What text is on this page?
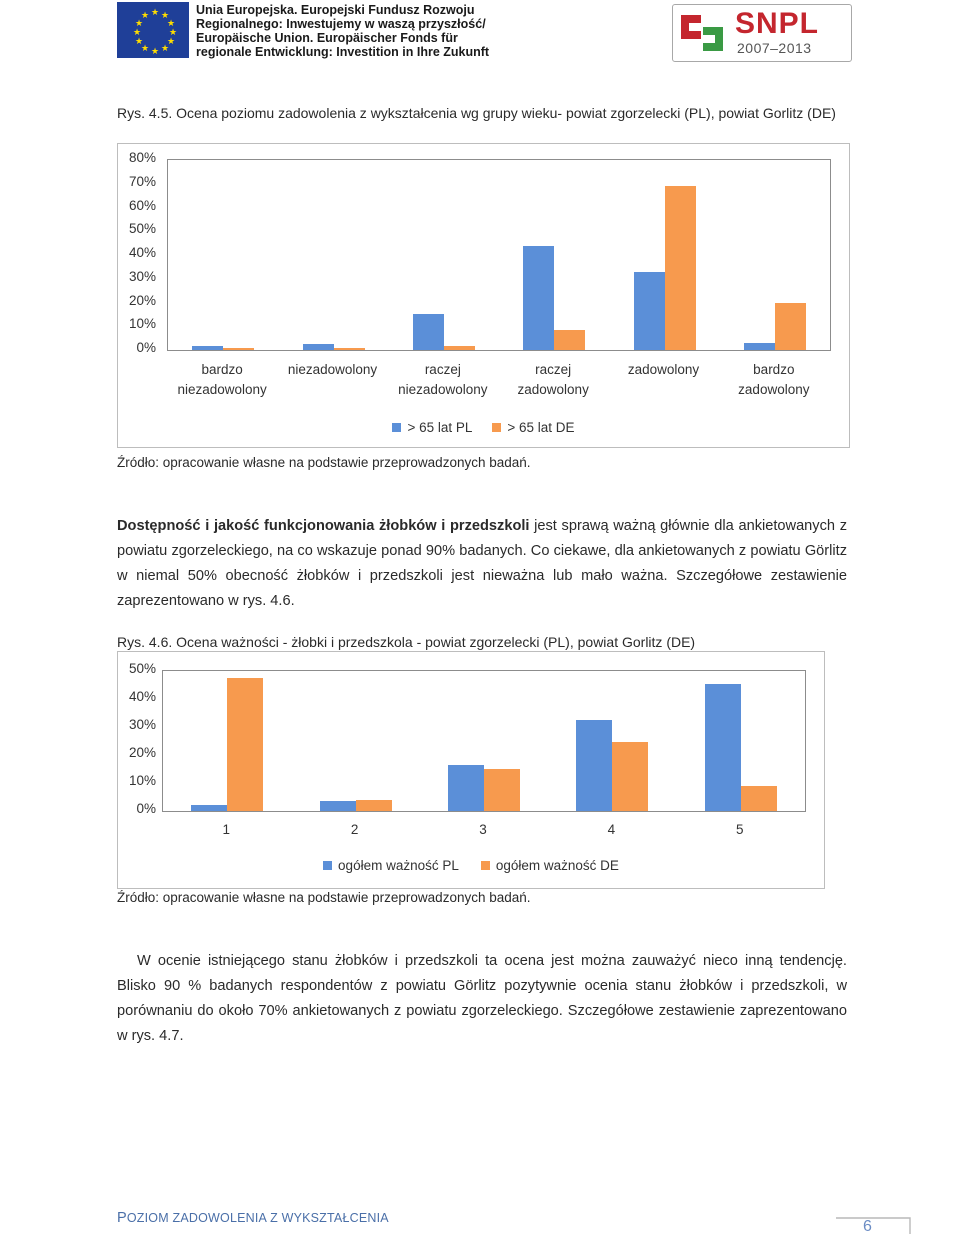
★ ★
★
★
★
★
★
★
★
★
★
★	Unia Europejska. Europejski Fundusz Rozwoju
Regionalnego: Inwestujemy w waszą przyszłość/
Europäische Union. Europäischer Fonds für
regionale Entwicklung: Investition in Ihre Zukunft
SNPL
2007–2013
Rys. 4.5. Ocena poziomu zadowolenia z wykształcenia wg grupy wieku- powiat zgorzelecki (PL), powiat Gorlitz (DE)
0%
10%
20%
30%
40%
50%
60%
70%
80%
bardzo
niezadowolony
niezadowolony	raczej
niezadowolony
raczej
zadowolony
zadowolony	bardzo
zadowolony
> 65 lat PL	> 65 lat DE
Źródło: opracowanie własne na podstawie przeprowadzonych badań.
Dostępność i jakość funkcjonowania żłobków i przedszkoli jest sprawą ważną głównie dla ankietowanych z powiatu zgorzeleckiego, na co wskazuje ponad 90% badanych. Co ciekawe, dla ankietowanych z powiatu Görlitz w niemal 50% obecność żłobków i przedszkoli jest nieważna lub mało ważna. Szczegółowe zestawienie zaprezentowano w rys. 4.6.
Rys. 4.6. Ocena ważności - żłobki i przedszkola - powiat zgorzelecki (PL), powiat Gorlitz (DE)
0%
10%
20%
30%
40%
50%
1	2	3	4	5
ogółem ważność PL	ogółem ważność DE
Źródło: opracowanie własne na podstawie przeprowadzonych badań.
W ocenie istniejącego stanu żłobków i przedszkoli ta ocena jest można zauważyć nieco inną tendencję. Blisko 90 % badanych respondentów z powiatu Görlitz pozytywnie ocenia stanu żłobków i przedszkoli, w porównaniu do około 70% ankietowanych z powiatu zgorzeleckiego. Szczegółowe zestawienie zaprezentowano w rys. 4.7.
POZIOM ZADOWOLENIA Z WYKSZTAŁCENIA	6
